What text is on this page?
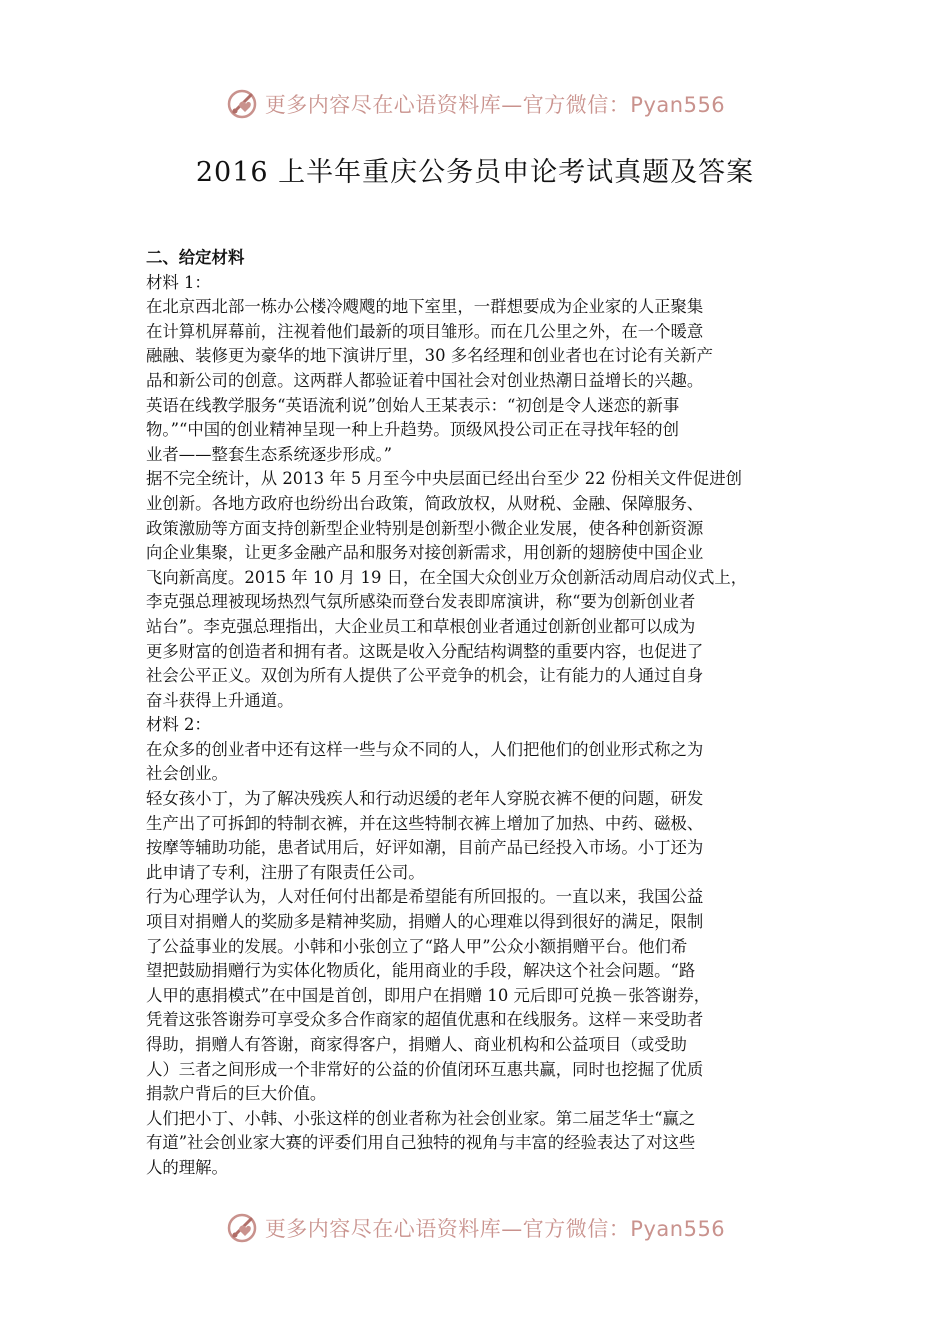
更多内容尽在心语资料库—官方微信：Pyan556
2016 上半年重庆公务员申论考试真题及答案
二、给定材料
材料 1：
在北京西北部一栋办公楼冷飕飕的地下室里，一群想要成为企业家的人正聚集
在计算机屏幕前，注视着他们最新的项目雏形。而在几公里之外，在一个暖意
融融、装修更为豪华的地下演讲厅里，30 多名经理和创业者也在讨论有关新产
品和新公司的创意。这两群人都验证着中国社会对创业热潮日益增长的兴趣。
英语在线教学服务“英语流利说”创始人王某表示：“初创是令人迷恋的新事
物。”“中国的创业精神呈现一种上升趋势。顶级风投公司正在寻找年轻的创
业者——整套生态系统逐步形成。”
据不完全统计，从 2013 年 5 月至今中央层面已经出台至少 22 份相关文件促进创
业创新。各地方政府也纷纷出台政策，简政放权，从财税、金融、保障服务、
政策激励等方面支持创新型企业特别是创新型小微企业发展，使各种创新资源
向企业集聚，让更多金融产品和服务对接创新需求，用创新的翅膀使中国企业
飞向新高度。2015 年 10 月 19 日，在全国大众创业万众创新活动周启动仪式上，
李克强总理被现场热烈气氛所感染而登台发表即席演讲，称“要为创新创业者
站台”。李克强总理指出，大企业员工和草根创业者通过创新创业都可以成为
更多财富的创造者和拥有者。这既是收入分配结构调整的重要内容，也促进了
社会公平正义。双创为所有人提供了公平竞争的机会，让有能力的人通过自身
奋斗获得上升通道。
材料 2：
在众多的创业者中还有这样一些与众不同的人，人们把他们的创业形式称之为
社会创业。
轻女孩小丁，为了解决残疾人和行动迟缓的老年人穿脱衣裤不便的问题，研发
生产出了可拆卸的特制衣裤，并在这些特制衣裤上增加了加热、中药、磁极、
按摩等辅助功能，患者试用后，好评如潮，目前产品已经投入市场。小丁还为
此申请了专利，注册了有限责任公司。
行为心理学认为，人对任何付出都是希望能有所回报的。一直以来，我国公益
项目对捐赠人的奖励多是精神奖励，捐赠人的心理难以得到很好的满足，限制
了公益事业的发展。小韩和小张创立了“路人甲”公众小额捐赠平台。他们希
望把鼓励捐赠行为实体化物质化，能用商业的手段，解决这个社会问题。“路
人甲的惠捐模式”在中国是首创，即用户在捐赠 10 元后即可兑换－张答谢券，
凭着这张答谢券可享受众多合作商家的超值优惠和在线服务。这样－来受助者
得助，捐赠人有答谢，商家得客户，捐赠人、商业机构和公益项目（或受助
人）三者之间形成一个非常好的公益的价值闭环互惠共赢，同时也挖掘了优质
捐款户背后的巨大价值。
人们把小丁、小韩、小张这样的创业者称为社会创业家。第二届芝华士“赢之
有道”社会创业家大赛的评委们用自己独特的视角与丰富的经验表达了对这些
人的理解。
更多内容尽在心语资料库—官方微信：Pyan556
